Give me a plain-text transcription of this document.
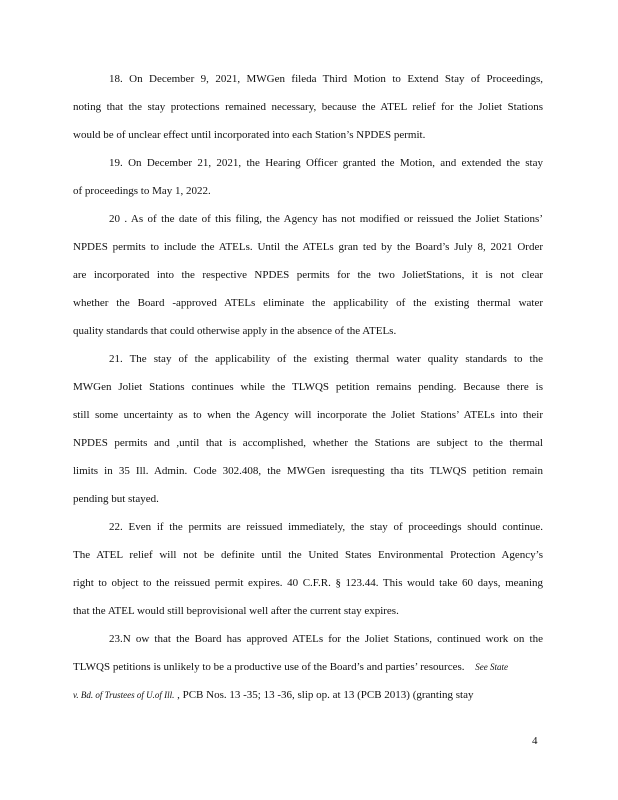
18. On December 9, 2021, MWGen fileda Third Motion to Extend Stay of Proceedings,
noting that the stay protections remained necessary, because the ATEL relief for the Joliet Stations
would be of unclear effect until incorporated into each Station’s NPDES permit.
19. On December 21, 2021, the Hearing Officer granted the Motion, and extended the stay
of proceedings to May 1, 2022.
20 . As of the date of this filing, the Agency has not modified or reissued the Joliet Stations’
NPDES permits to include the ATELs. Until the ATELs gran ted by the Board’s July 8, 2021 Order
are incorporated into the respective NPDES permits for the two JolietStations, it is not clear
whether the Board -approved ATELs eliminate the applicability of the existing thermal water
quality standards that could otherwise apply in the absence of the ATELs.
21. The stay of the applicability of the existing thermal water quality standards to the
MWGen Joliet Stations continues while the TLWQS petition remains pending. Because there is
still some uncertainty as to when the Agency will incorporate the Joliet Stations’ ATELs into their
NPDES permits and ,until that is accomplished, whether the Stations are subject to the thermal
limits in 35 Ill. Admin. Code 302.408, the MWGen isrequesting tha tits TLWQS petition remain
pending but stayed.
22. Even if the permits are reissued immediately, the stay of proceedings should continue.
The ATEL relief will not be definite until the United States Environmental Protection Agency’s
right to object to the reissued permit expires. 40 C.F.R. § 123.44. This would take 60 days, meaning
that the ATEL would still beprovisional well after the current stay expires.
23.N ow that the Board has approved ATELs for the Joliet Stations, continued work on the
TLWQS petitions is unlikely to be a productive use of the Board’s and parties’ resources. See State
v. Bd. of Trustees of U.of Ill. , PCB Nos. 13 -35; 13 -36, slip op. at 13 (PCB 2013) (granting stay
4
